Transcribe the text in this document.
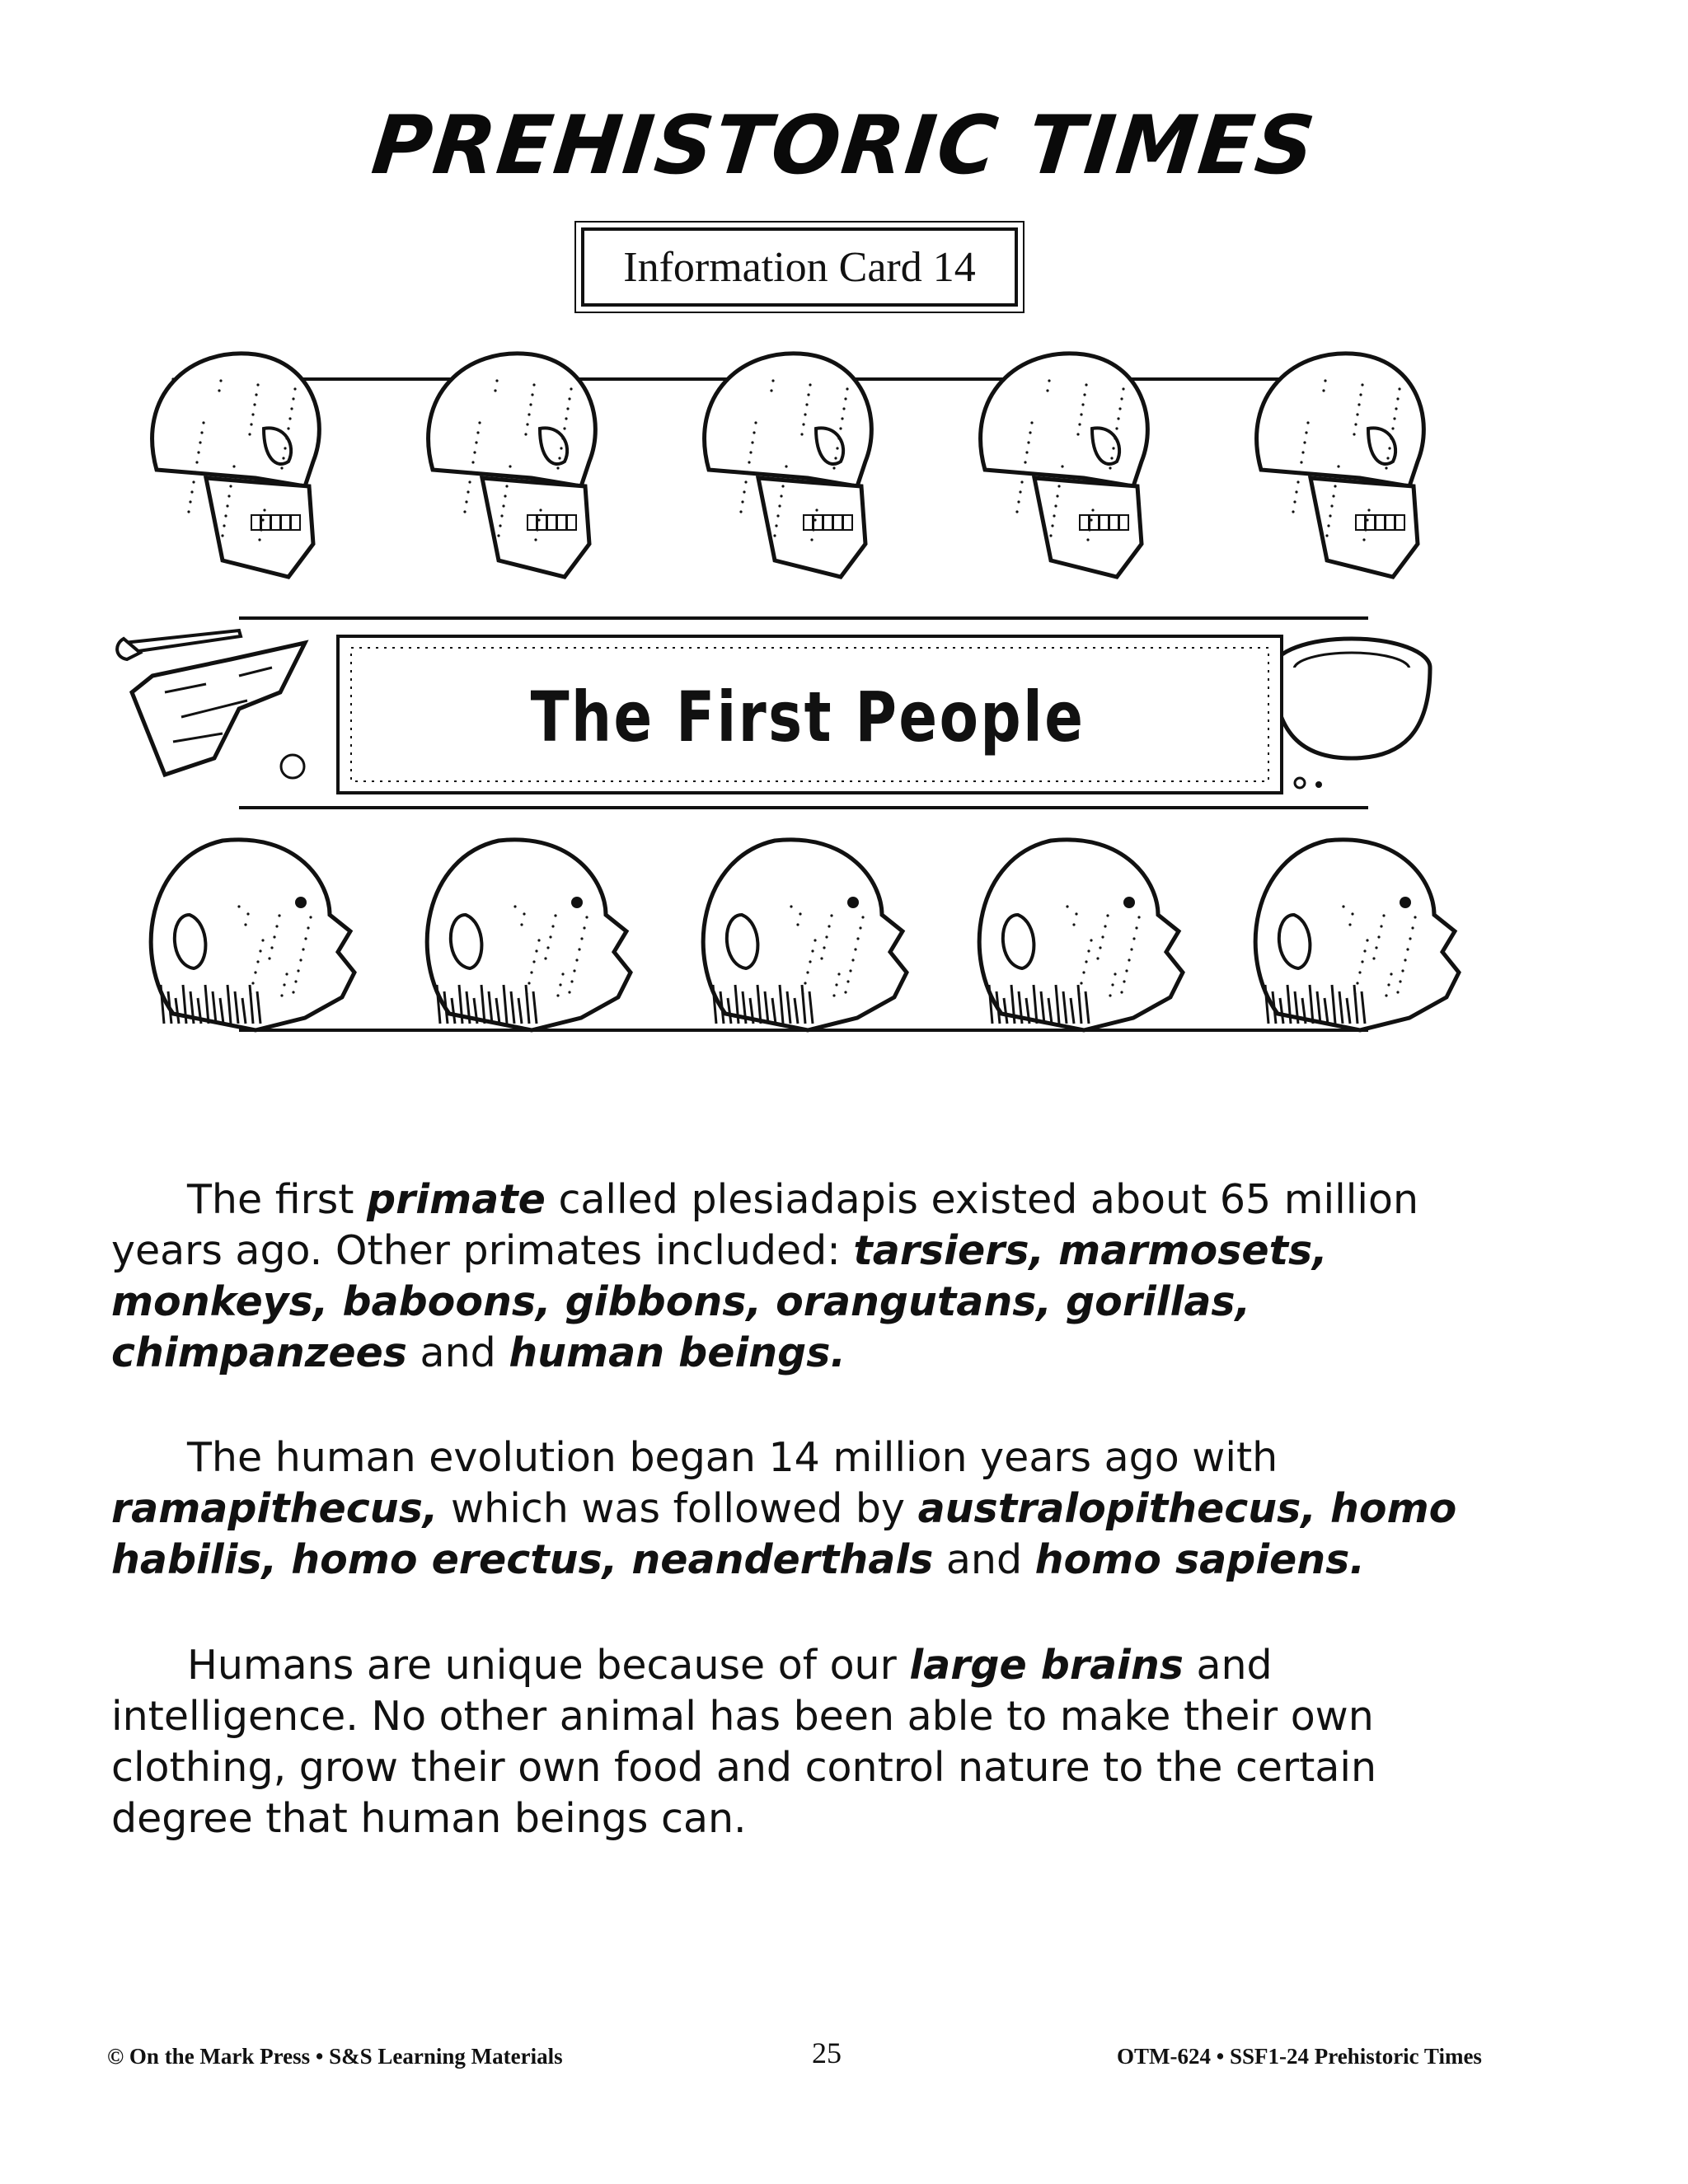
PREHISTORIC TIMES
Information Card 14
The First People

The first primate called plesiadapis existed about 65 million years ago. Other primates included: tarsiers, marmosets, monkeys, baboons, gibbons, orangutans, gorillas, chimpanzees and human beings.

The human evolution began 14 million years ago with ramapithecus, which was followed by australopithecus, homo habilis, homo erectus, neanderthals and homo sapiens.

Humans are unique because of our large brains and intelligence. No other animal has been able to make their own clothing, grow their own food and control nature to the certain degree that human beings can.

© On the Mark Press • S&S Learning Materials	25	OTM-624 • SSF1-24 Prehistoric Times
